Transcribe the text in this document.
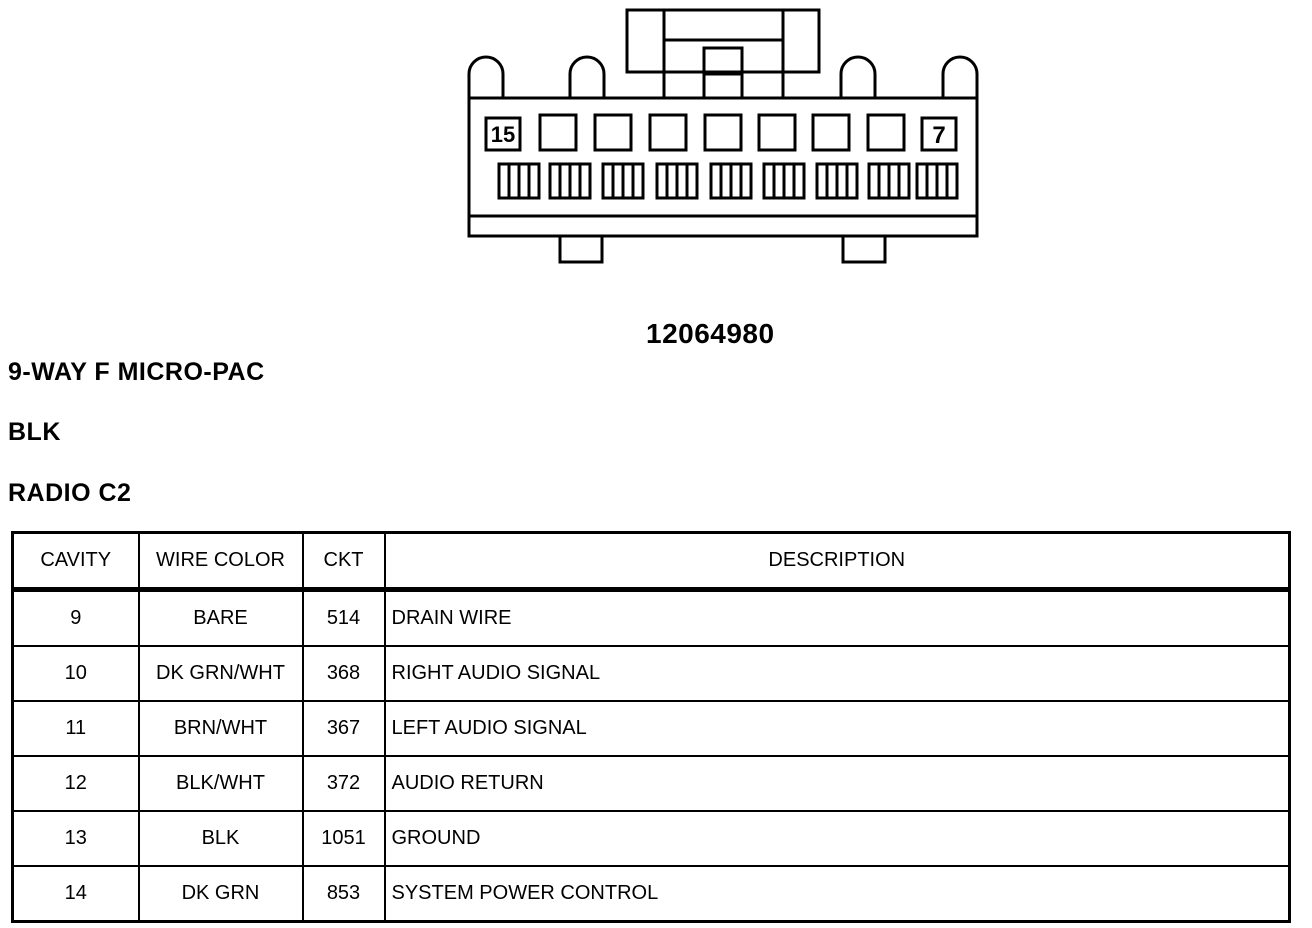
15	7
12064980
9-WAY F MICRO-PAC
BLK
RADIO C2
CAVITY	WIRE COLOR	CKT	DESCRIPTION
9	BARE	514	DRAIN WIRE
10	DK GRN/WHT	368	RIGHT AUDIO SIGNAL
11	BRN/WHT	367	LEFT AUDIO SIGNAL
12	BLK/WHT	372	AUDIO RETURN
13	BLK	1051	GROUND
14	DK GRN	853	SYSTEM POWER CONTROL
